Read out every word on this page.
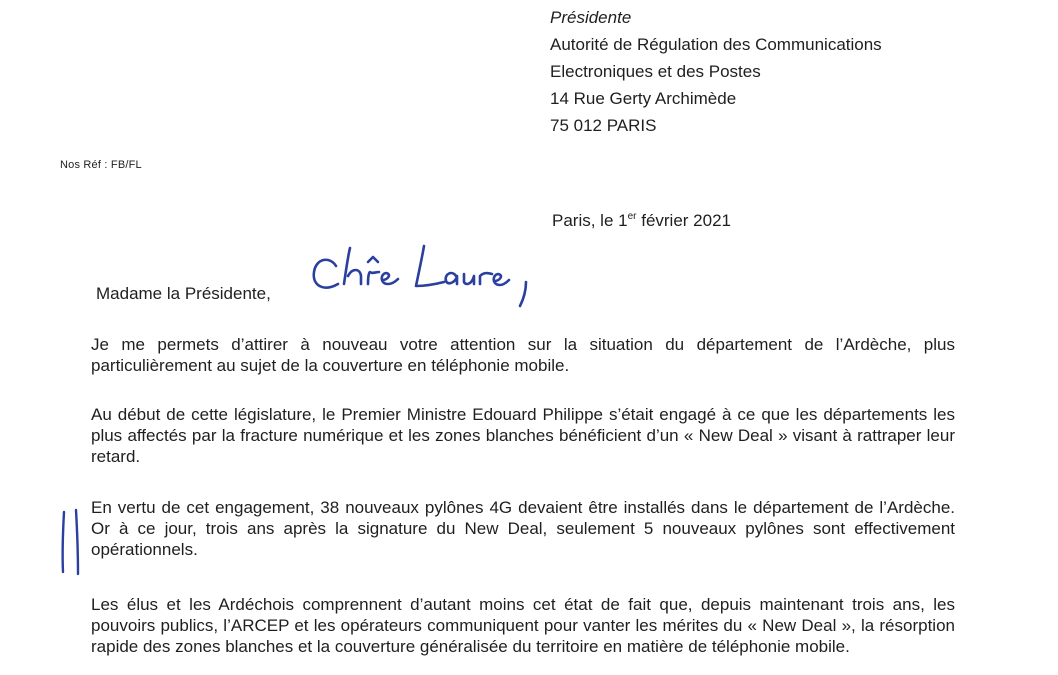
Présidente
Autorité de Régulation des Communications
Electroniques et des Postes
14 Rue Gerty Archimède
75 012 PARIS
Nos Réf : FB/FL
Paris, le 1er février 2021
Madame la Présidente,
Je me permets d’attirer à nouveau votre attention sur la situation du département de l’Ardèche, plus particulièrement au sujet de la couverture en téléphonie mobile.
Au début de cette législature, le Premier Ministre Edouard Philippe s’était engagé à ce que les départements les plus affectés par la fracture numérique et les zones blanches bénéficient d’un « New Deal » visant à rattraper leur retard.
En vertu de cet engagement, 38 nouveaux pylônes 4G devaient être installés dans le département de l’Ardèche. Or à ce jour, trois ans après la signature du New Deal, seulement 5 nouveaux pylônes sont effectivement opérationnels.
Les élus et les Ardéchois comprennent d’autant moins cet état de fait que, depuis maintenant trois ans, les pouvoirs publics, l’ARCEP et les opérateurs communiquent pour vanter les mérites du « New Deal », la résorption rapide des zones blanches et la couverture généralisée du territoire en matière de téléphonie mobile.
